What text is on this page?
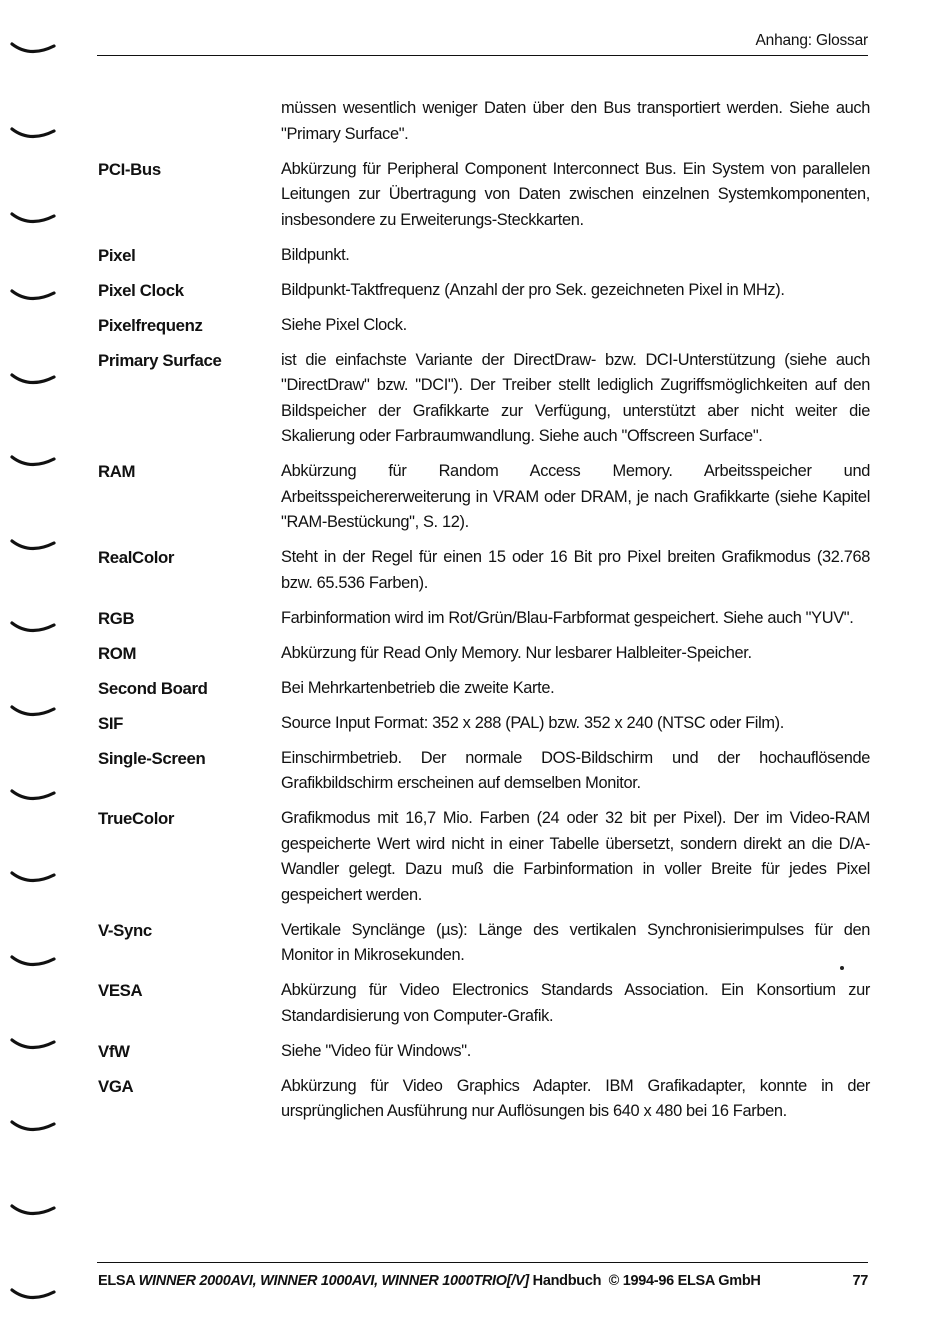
Anhang: Glossar
müssen wesentlich weniger Daten über den Bus transportiert werden. Siehe auch "Primary Surface".
PCI-Bus	Abkürzung für Peripheral Component Interconnect Bus. Ein System von parallelen Leitungen zur Übertragung von Daten zwischen einzelnen Systemkomponenten, insbesondere zu Erweiterungs-Steckkarten.
Pixel	Bildpunkt.
Pixel Clock	Bildpunkt-Taktfrequenz (Anzahl der pro Sek. gezeichneten Pixel in MHz).
Pixelfrequenz	Siehe Pixel Clock.
Primary Surface	ist die einfachste Variante der DirectDraw- bzw. DCI-Unterstützung (siehe auch "DirectDraw" bzw. "DCI"). Der Treiber stellt lediglich Zugriffsmöglichkeiten auf den Bildspeicher der Grafikkarte zur Verfügung, unterstützt aber nicht weiter die Skalierung oder Farbraumwandlung. Siehe auch "Offscreen Surface".
RAM	Abkürzung für Random Access Memory. Arbeitsspeicher und Arbeitsspeichererweiterung in VRAM oder DRAM, je nach Grafikkarte (siehe Kapitel "RAM-Bestückung", S. 12).
RealColor	Steht in der Regel für einen 15 oder 16 Bit pro Pixel breiten Grafikmodus (32.768 bzw. 65.536 Farben).
RGB	Farbinformation wird im Rot/Grün/Blau-Farbformat gespeichert. Siehe auch "YUV".
ROM	Abkürzung für Read Only Memory. Nur lesbarer Halbleiter-Speicher.
Second Board	Bei Mehrkartenbetrieb die zweite Karte.
SIF	Source Input Format: 352 x 288 (PAL) bzw. 352 x 240 (NTSC oder Film).
Single-Screen	Einschirmbetrieb. Der normale DOS-Bildschirm und der hochauflösende Grafikbildschirm erscheinen auf demselben Monitor.
TrueColor	Grafikmodus mit 16,7 Mio. Farben (24 oder 32 bit per Pixel). Der im Video-RAM gespeicherte Wert wird nicht in einer Tabelle übersetzt, sondern direkt an die D/A-Wandler gelegt. Dazu muß die Farbinformation in voller Breite für jedes Pixel gespeichert werden.
V-Sync	Vertikale Synclänge (µs): Länge des vertikalen Synchronisierimpulses für den Monitor in Mikrosekunden.
VESA	Abkürzung für Video Electronics Standards Association. Ein Konsortium zur Standardisierung von Computer-Grafik.
VfW	Siehe "Video für Windows".
VGA	Abkürzung für Video Graphics Adapter. IBM Grafikadapter, konnte in der ursprünglichen Ausführung nur Auflösungen bis 640 x 480 bei 16 Farben.
ELSA WINNER 2000AVI, WINNER 1000AVI, WINNER 1000TRIO[/V] Handbuch © 1994-96 ELSA GmbH	77
